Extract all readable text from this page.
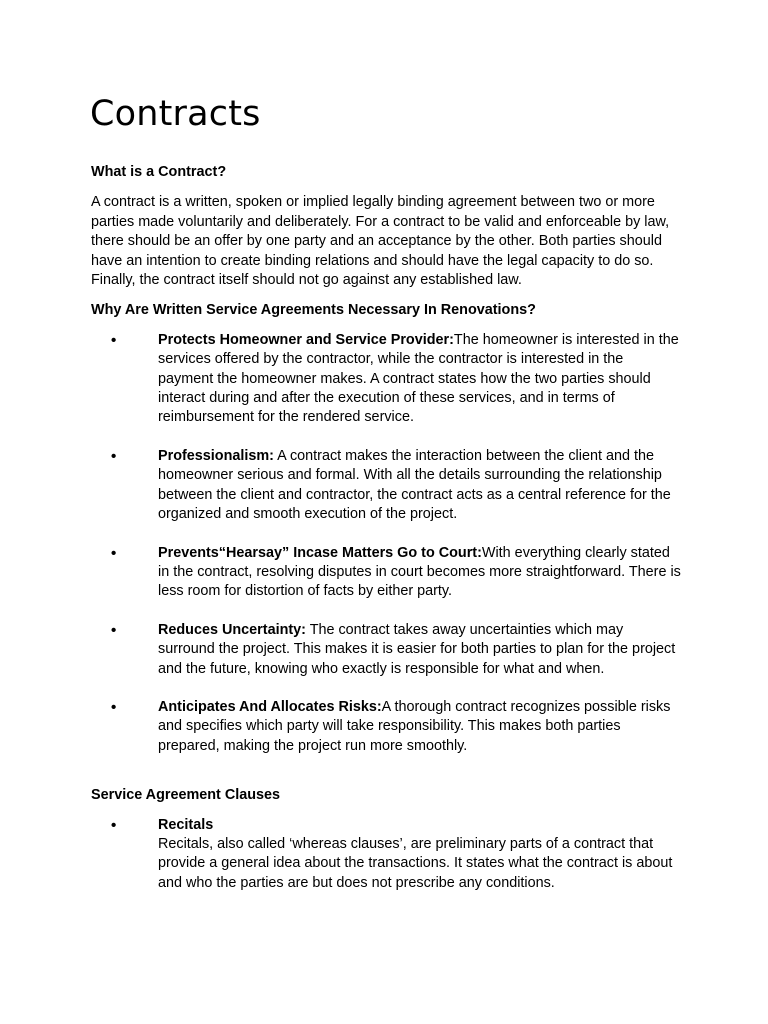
Contracts

What is a Contract?

A contract is a written, spoken or implied legally binding agreement between two or more parties made voluntarily and deliberately. For a contract to be valid and enforceable by law, there should be an offer by one party and an acceptance by the other. Both parties should have an intention to create binding relations and should have the legal capacity to do so. Finally, the contract itself should not go against any established law.

Why Are Written Service Agreements Necessary In Renovations?

•	Protects Homeowner and Service Provider:The homeowner is interested in the services offered by the contractor, while the contractor is interested in the payment the homeowner makes. A contract states how the two parties should interact during and after the execution of these services, and in terms of reimbursement for the rendered service.
•	Professionalism: A contract makes the interaction between the client and the homeowner serious and formal. With all the details surrounding the relationship between the client and contractor, the contract acts as a central reference for the organized and smooth execution of the project.
•	Prevents“Hearsay” Incase Matters Go to Court:With everything clearly stated in the contract, resolving disputes in court becomes more straightforward. There is less room for distortion of facts by either party.
•	Reduces Uncertainty: The contract takes away uncertainties which may surround the project. This makes it is easier for both parties to plan for the project and the future, knowing who exactly is responsible for what and when.
•	Anticipates And Allocates Risks:A thorough contract recognizes possible risks and specifies which party will take responsibility. This makes both parties prepared, making the project run more smoothly.

Service Agreement Clauses

•	Recitals
Recitals, also called ‘whereas clauses’, are preliminary parts of a contract that provide a general idea about the transactions. It states what the contract is about and who the parties are but does not prescribe any conditions.
